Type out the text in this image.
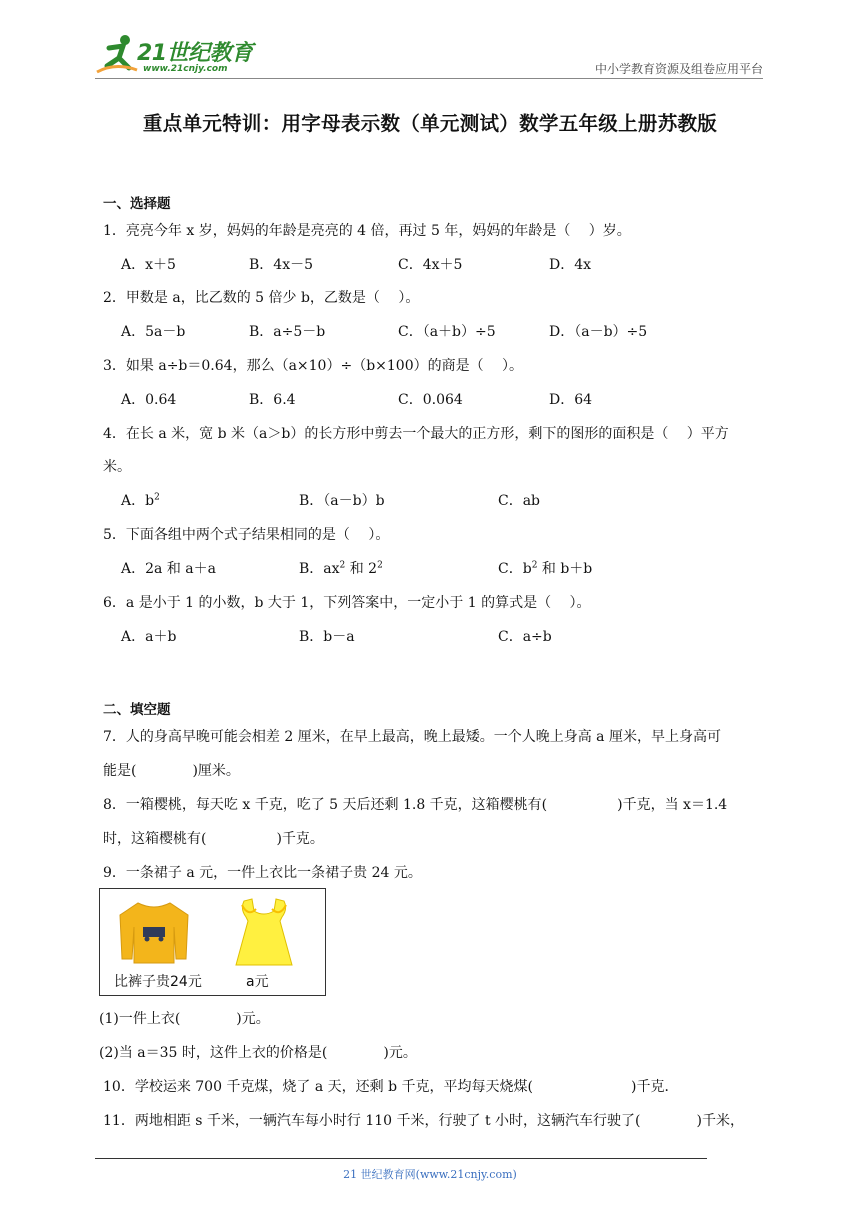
21世纪教育
www.21cnjy.com	中小学教育资源及组卷应用平台
重点单元特训：用字母表示数（单元测试）数学五年级上册苏教版
一、选择题
1．亮亮今年 x 岁，妈妈的年龄是亮亮的 4 倍，再过 5 年，妈妈的年龄是（　 ）岁。
A．x＋5	B．4x－5	C．4x＋5	D．4x
2．甲数是 a，比乙数的 5 倍少 b，乙数是（　 ）。
A．5a－b	B．a÷5－b	C．（a＋b）÷5	D．（a－b）÷5
3．如果 a÷b＝0.64，那么（a×10）÷（b×100）的商是（　 ）。
A．0.64	B．6.4	C．0.064	D．64
4．在长 a 米，宽 b 米（a＞b）的长方形中剪去一个最大的正方形，剩下的图形的面积是（　 ）平方
米。
A．$b^2$	B．（a－b）b	C．ab
5．下面各组中两个式子结果相同的是（　 ）。
A．2a 和 a＋a	B．$ax^2$ 和 $2^2$	C．$b^2$ 和 b＋b
6．a 是小于 1 的小数，b 大于 1，下列答案中，一定小于 1 的算式是（　 ）。
A．a＋b	B．b－a	C．a÷b
二、填空题
7．人的身高早晚可能会相差 2 厘米，在早上最高，晚上最矮。一个人晚上身高 a 厘米，早上身高可
能是(　　　　)厘米。
8．一箱樱桃，每天吃 x 千克，吃了 5 天后还剩 1.8 千克，这箱樱桃有(　　　　　)千克，当 x＝1.4
时，这箱樱桃有(　　　　　)千克。
9．一条裙子 a 元，一件上衣比一条裙子贵 24 元。
比裤子贵24元	a元
(1)一件上衣(　　　　)元。
(2)当 a＝35 时，这件上衣的价格是(　　　　)元。
10．学校运来 700 千克煤，烧了 a 天，还剩 b 千克，平均每天烧煤(　　　　　　　)千克．
11．两地相距 s 千米，一辆汽车每小时行 110 千米，行驶了 t 小时，这辆汽车行驶了(　　　　)千米，
21 世纪教育网(www.21cnjy.com)
